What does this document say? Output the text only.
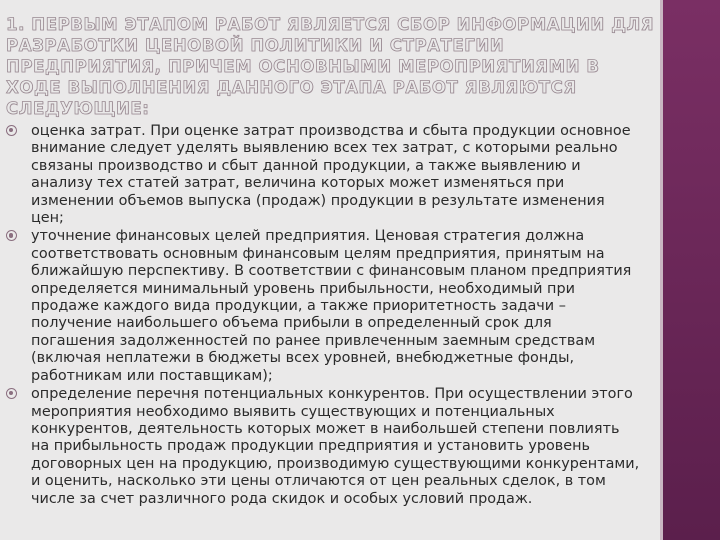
1. ПЕРВЫМ ЭТАПОМ РАБОТ ЯВЛЯЕТСЯ СБОР ИНФОРМАЦИИ ДЛЯ РАЗРАБОТКИ ЦЕНОВОЙ ПОЛИТИКИ И СТРАТЕГИИ ПРЕДПРИЯТИЯ, ПРИЧЕМ ОСНОВНЫМИ МЕРОПРИЯТИЯМИ В ХОДЕ ВЫПОЛНЕНИЯ ДАННОГО ЭТАПА РАБОТ ЯВЛЯЮТСЯ СЛЕДУЮЩИЕ:
оценка затрат. При оценке затрат производства и сбыта продукции основное внимание следует уделять выявлению всех тех затрат, с которыми реально связаны производство и сбыт данной продукции, а также выявлению и анализу тех статей затрат, величина которых может изменяться при изменении объемов выпуска (продаж) продукции в результате изменения цен;
уточнение финансовых целей предприятия. Ценовая стратегия должна соответствовать основным финансовым целям предприятия, принятым на ближайшую перспективу. В соответствии с финансовым планом предприятия определяется минимальный уровень прибыльности, необходимый при продаже каждого вида продукции, а также приоритетность задачи – получение наибольшего объема прибыли в определенный срок для погашения задолженностей по ранее привлеченным заемным средствам (включая неплатежи в бюджеты всех уровней, внебюджетные фонды, работникам или поставщикам);
определение перечня потенциальных конкурентов. При осуществлении этого мероприятия необходимо выявить существующих и потенциальных конкурентов, деятельность которых может в наибольшей степени повлиять на прибыльность продаж продукции предприятия и установить уровень договорных цен на продукцию, производимую существующими конкурентами, и оценить, насколько эти цены отличаются от цен реальных сделок, в том числе за счет различного рода скидок и особых условий продаж.
